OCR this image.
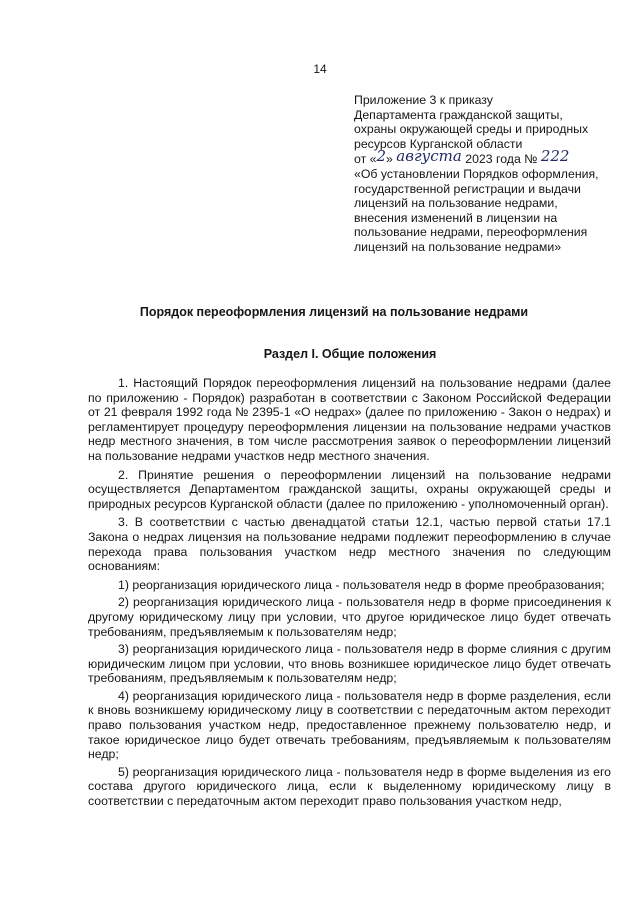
14
Приложение 3 к приказу
Департамента гражданской защиты,
охраны окружающей среды и природных
ресурсов Курганской области
от «2» августа 2023 года № 222
«Об установлении Порядков оформления,
государственной регистрации и выдачи
лицензий на пользование недрами,
внесения изменений в лицензии на
пользование недрами, переоформления
лицензий на пользование недрами»
Порядок переоформления лицензий на пользование недрами
Раздел I. Общие положения

1. Настоящий Порядок переоформления лицензий на пользование недрами (далее по приложению - Порядок) разработан в соответствии с Законом Российской Федерации от 21 февраля 1992 года № 2395-1 «О недрах» (далее по приложению - Закон о недрах) и регламентирует процедуру переоформления лицензии на пользование недрами участков недр местного значения, в том числе рассмотрения заявок о переоформлении лицензий на пользование недрами участков недр местного значения.

2. Принятие решения о переоформлении лицензий на пользование недрами осуществляется Департаментом гражданской защиты, охраны окружающей среды и природных ресурсов Курганской области (далее по приложению - уполномоченный орган).

3. В соответствии с частью двенадцатой статьи 12.1, частью первой статьи 17.1 Закона о недрах лицензия на пользование недрами подлежит переоформлению в случае перехода права пользования участком недр местного значения по следующим основаниям:

1) реорганизация юридического лица - пользователя недр в форме преобразования;

2) реорганизация юридического лица - пользователя недр в форме присоединения к другому юридическому лицу при условии, что другое юридическое лицо будет отвечать требованиям, предъявляемым к пользователям недр;

3) реорганизация юридического лица - пользователя недр в форме слияния с другим юридическим лицом при условии, что вновь возникшее юридическое лицо будет отвечать требованиям, предъявляемым к пользователям недр;

4) реорганизация юридического лица - пользователя недр в форме разделения, если к вновь возникшему юридическому лицу в соответствии с передаточным актом переходит право пользования участком недр, предоставленное прежнему пользователю недр, и такое юридическое лицо будет отвечать требованиям, предъявляемым к пользователям недр;

5) реорганизация юридического лица - пользователя недр в форме выделения из его состава другого юридического лица, если к выделенному юридическому лицу в соответствии с передаточным актом переходит право пользования участком недр,
